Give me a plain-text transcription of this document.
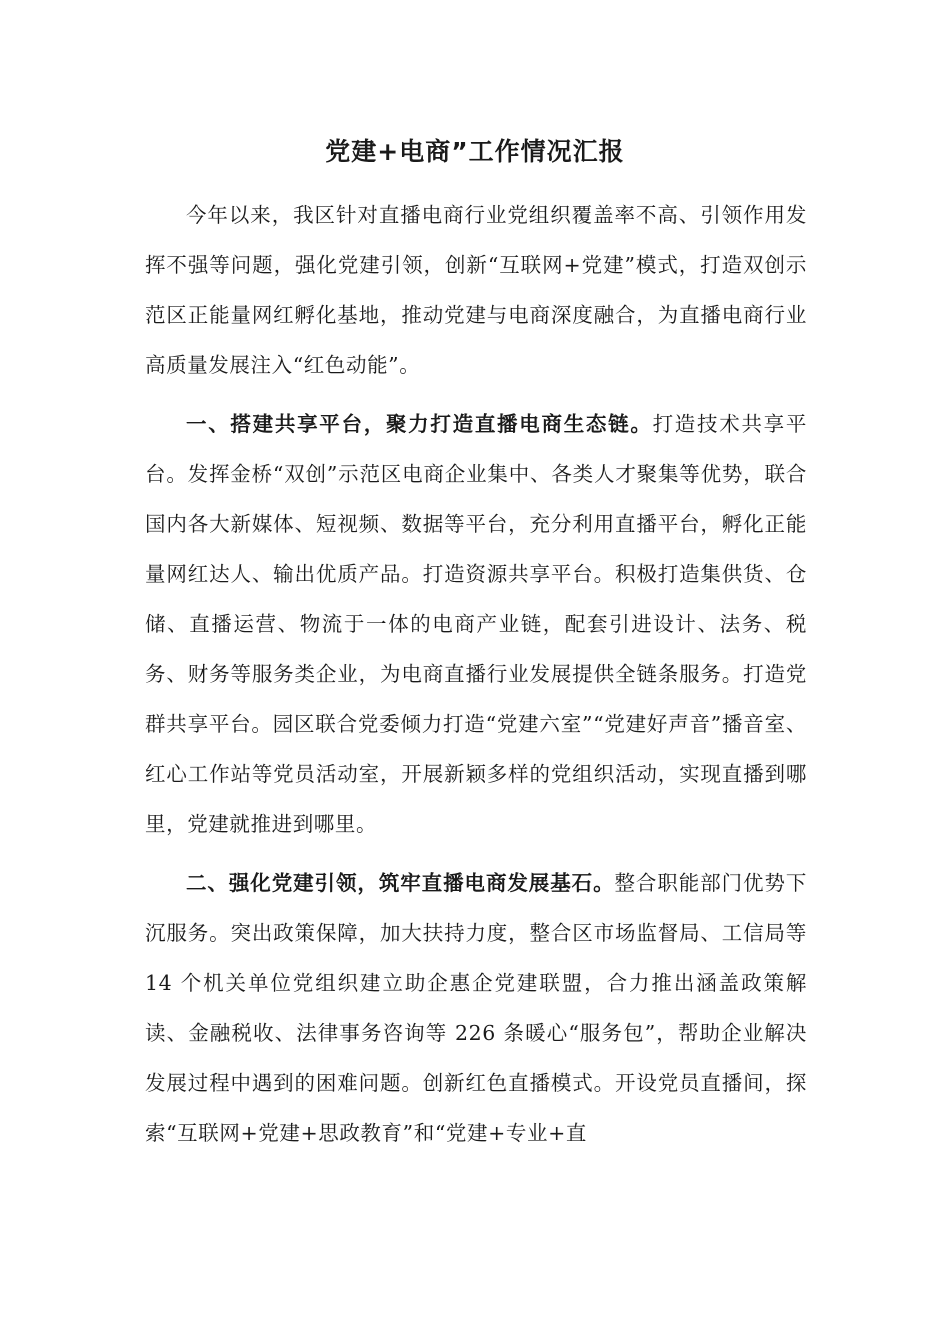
党建+电商”工作情况汇报

今年以来，我区针对直播电商行业党组织覆盖率不高、引领作用发挥不强等问题，强化党建引领，创新“互联网+党建”模式，打造双创示范区正能量网红孵化基地，推动党建与电商深度融合，为直播电商行业高质量发展注入“红色动能”。

一、搭建共享平台，聚力打造直播电商生态链。打造技术共享平台。发挥金桥“双创”示范区电商企业集中、各类人才聚集等优势，联合国内各大新媒体、短视频、数据等平台，充分利用直播平台，孵化正能量网红达人、输出优质产品。打造资源共享平台。积极打造集供货、仓储、直播运营、物流于一体的电商产业链，配套引进设计、法务、税务、财务等服务类企业，为电商直播行业发展提供全链条服务。打造党群共享平台。园区联合党委倾力打造“党建六室”“党建好声音”播音室、红心工作站等党员活动室，开展新颖多样的党组织活动，实现直播到哪里，党建就推进到哪里。

二、强化党建引领，筑牢直播电商发展基石。整合职能部门优势下沉服务。突出政策保障，加大扶持力度，整合区市场监督局、工信局等 14 个机关单位党组织建立助企惠企党建联盟，合力推出涵盖政策解读、金融税收、法律事务咨询等 226 条暖心“服务包”，帮助企业解决发展过程中遇到的困难问题。创新红色直播模式。开设党员直播间，探索“互联网+党建+思政教育”和“党建+专业+直
